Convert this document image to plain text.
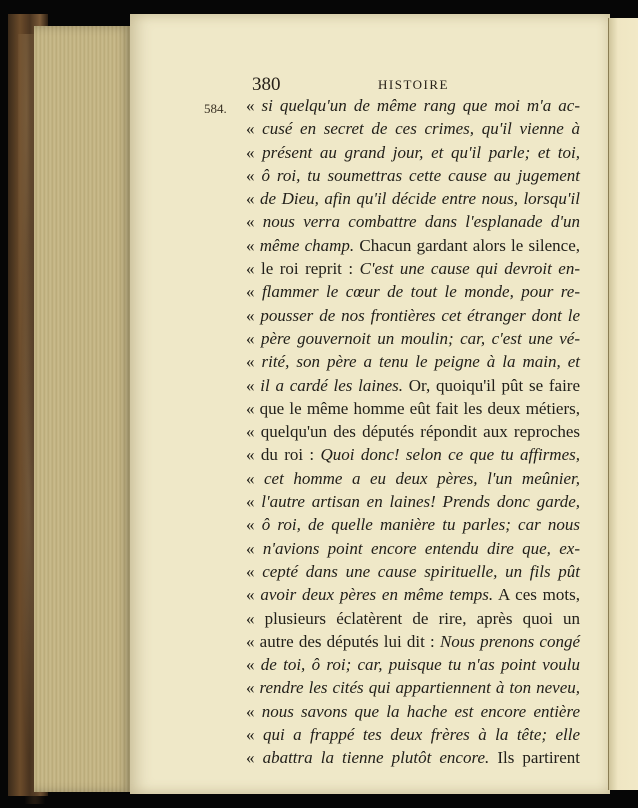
380	HISTOIRE
584. « si quelqu'un de même rang que moi m'a ac-
« cusé en secret de ces crimes, qu'il vienne à
« présent au grand jour, et qu'il parle; et toi,
« ô roi, tu soumettras cette cause au jugement
« de Dieu, afin qu'il décide entre nous, lorsqu'il
« nous verra combattre dans l'esplanade d'un
« même champ. Chacun gardant alors le silence,
« le roi reprit : C'est une cause qui devroit en-
« flammer le cœur de tout le monde, pour re-
« pousser de nos frontières cet étranger dont le
« père gouvernoit un moulin; car, c'est une vé-
« rité, son père a tenu le peigne à la main, et
« il a cardé les laines. Or, quoiqu'il pût se faire
« que le même homme eût fait les deux métiers,
« quelqu'un des députés répondit aux reproches
« du roi : Quoi donc! selon ce que tu affirmes,
« cet homme a eu deux pères, l'un meûnier,
« l'autre artisan en laines! Prends donc garde,
« ô roi, de quelle manière tu parles; car nous
« n'avions point encore entendu dire que, ex-
« cepté dans une cause spirituelle, un fils pût
« avoir deux pères en même temps. A ces mots,
« plusieurs éclatèrent de rire, après quoi un
« autre des députés lui dit : Nous prenons congé
« de toi, ô roi; car, puisque tu n'as point voulu
« rendre les cités qui appartiennent à ton neveu,
« nous savons que la hache est encore entière
« qui a frappé tes deux frères à la tête; elle
« abattra la tienne plutôt encore. Ils partirent
